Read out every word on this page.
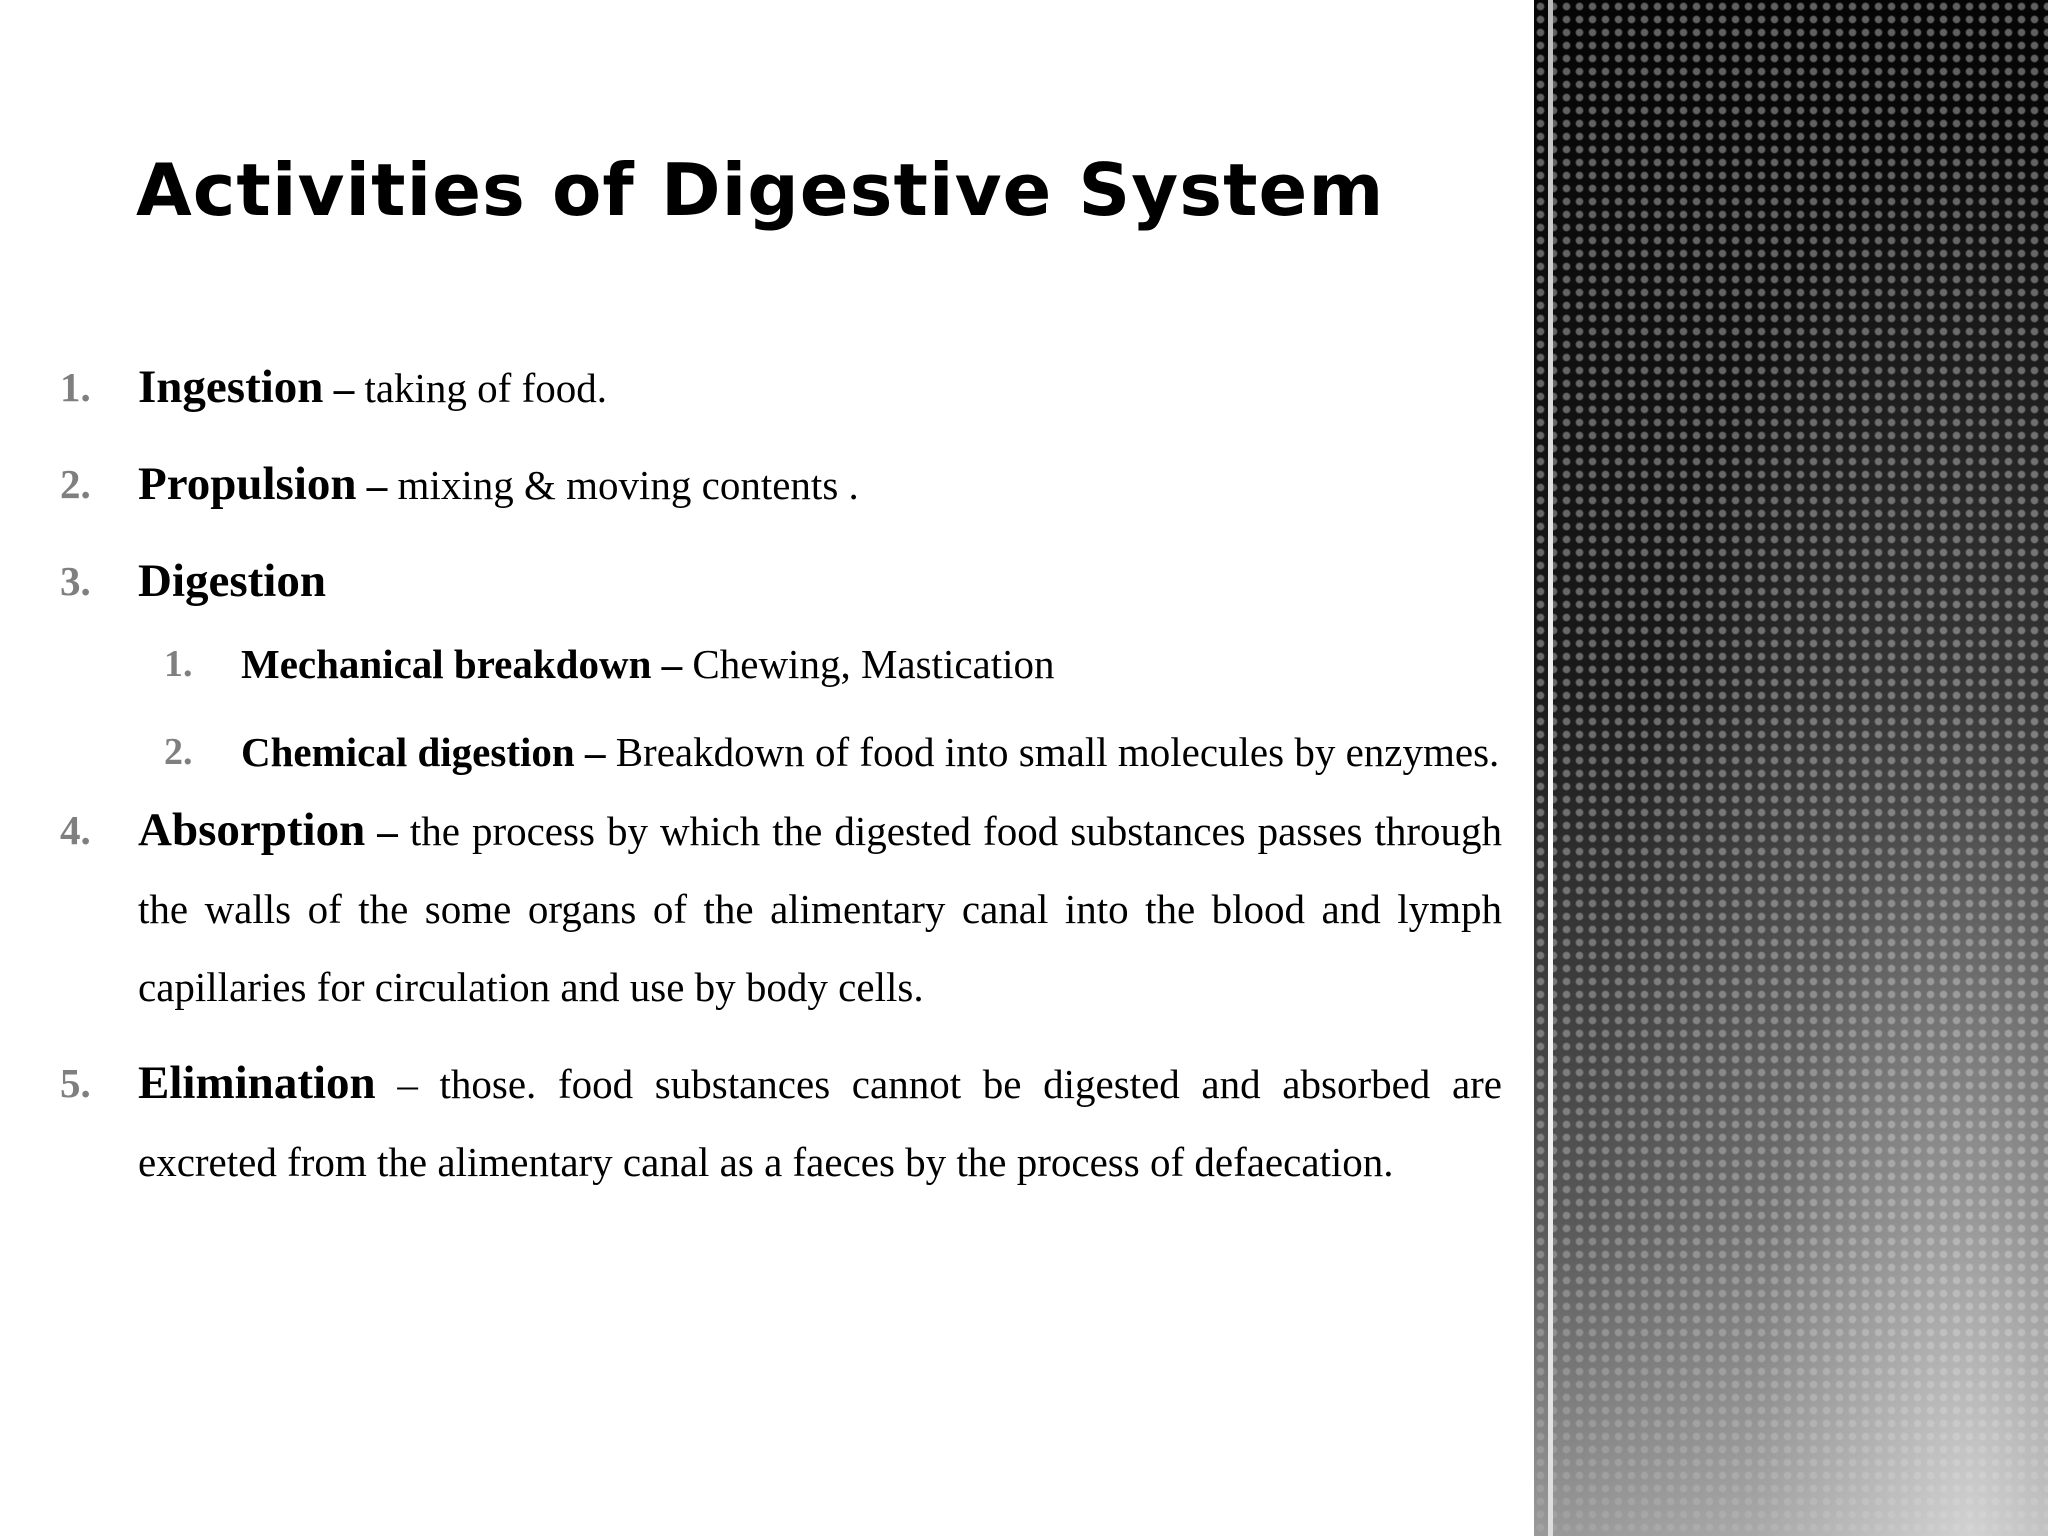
Activities of Digestive System
1. Ingestion – taking of food.
2. Propulsion – mixing & moving contents .
3. Digestion
1. Mechanical breakdown – Chewing, Mastication
2. Chemical digestion – Breakdown of food into small molecules by enzymes.
4. Absorption – the process by which the digested food substances passes through the walls of the some organs of the alimentary canal into the blood and lymph capillaries for circulation and use by body cells.
5. Elimination – those. food substances cannot be digested and absorbed are excreted from the alimentary canal as a faeces by the process of defaecation.
